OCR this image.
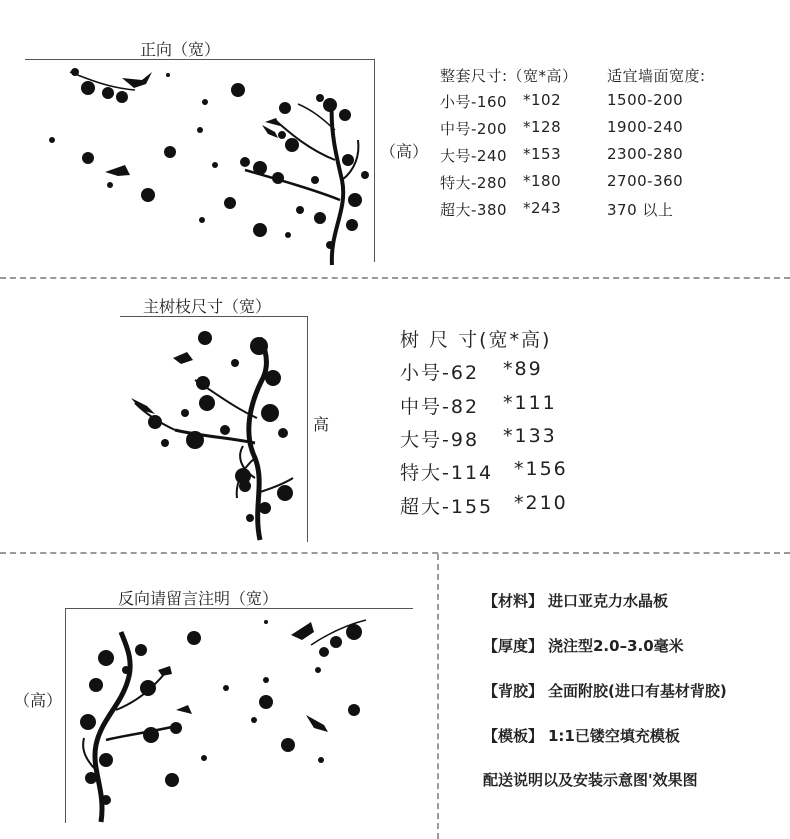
正向（宽）
（高）
整套尺寸:（宽*高） 适宜墙面宽度:
小号-160 *102	1500-200
中号-200 *128	1900-240
大号-240 *153	2300-280
特大-280 *180	2700-360
超大-380 *243	370 以上
主树枝尺寸（宽）
高
树 尺 寸(宽*高)
小号-62 *89
中号-82 *111
大号-98 *133
特大-114 *156
超大-155 *210
反向请留言注明（宽）
（高）
【材料】 进口亚克力水晶板
【厚度】 浇注型2.0–3.0毫米
【背胶】 全面附胶(进口有基材背胶)
【模板】 1:1已镂空填充模板
配送说明以及安装示意图'效果图
